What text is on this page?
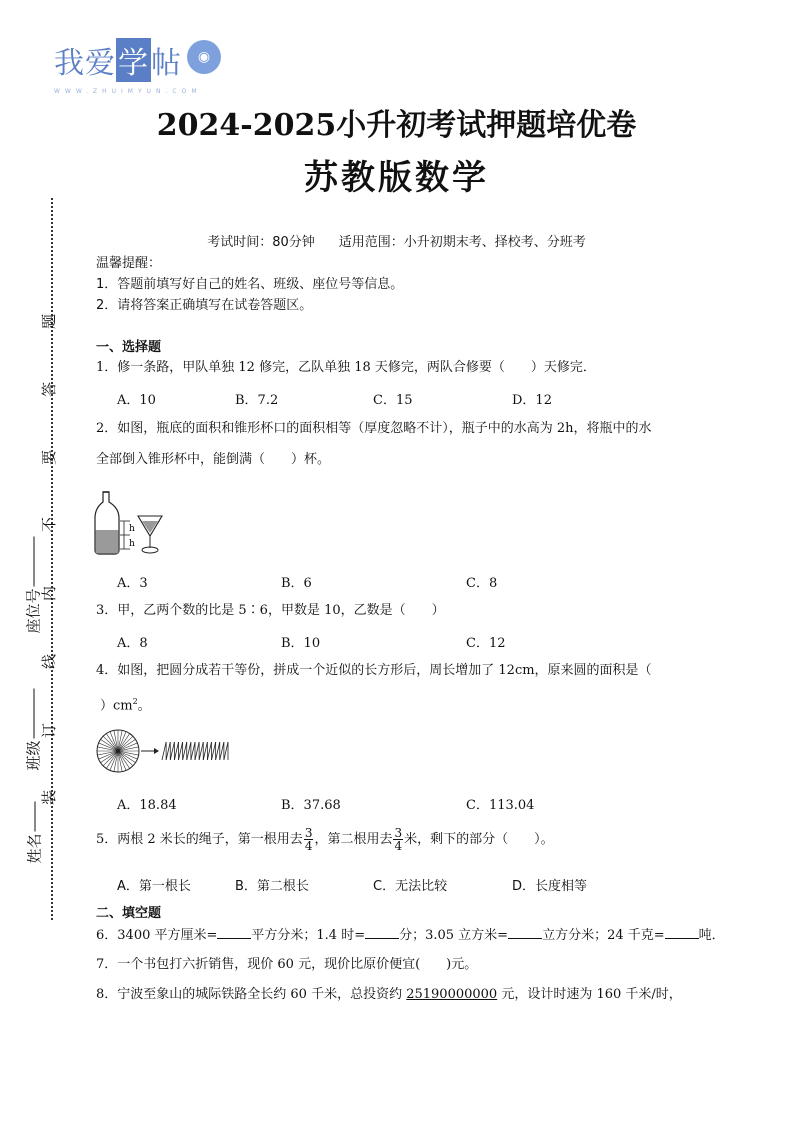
我爱学帖	◉
WWW.ZHUIMYUN.COM
2024-2025小升初考试押题培优卷
苏教版数学
姓名
班级
座位号
装
订
线
内
不
要
答
题
考试时间：80分钟 适用范围：小升初期末考、择校考、分班考
温馨提醒：
1．答题前填写好自己的姓名、班级、座位号等信息。
2．请将答案正确填写在试卷答题区。
一、选择题
1．修一条路，甲队单独 12 修完，乙队单独 18 天修完，两队合修要（　　）天修完．
A．10	B．7.2	C．15	D．12
2．如图，瓶底的面积和锥形杯口的面积相等（厚度忽略不计），瓶子中的水高为 2h，将瓶中的水
全部倒入锥形杯中，能倒满（　　）杯。
h
h
A．3	B．6	C．8
3．甲，乙两个数的比是 5∶6，甲数是 10，乙数是（　　）
A．8	B．10	C．12
4．如图，把圆分成若干等份，拼成一个近似的长方形后，周长增加了 12cm，原来圆的面积是（
）$cm^2$。
A．18.84	B．37.68	C．113.04
5．两根 2 米长的绳子，第一根用去 $\frac{3}{4}$ ，第二根用去 $\frac{3}{4}$ 米，剩下的部分（　　）。
A．第一根长	B．第二根长	C．无法比较	D．长度相等
二、填空题
6．3400 平方厘米=	平方分米；1.4 时=	分；3.05 立方米=	立方分米；24 千克=	吨．
7．一个书包打六折销售，现价 60 元，现价比原价便宜(　　)元。
8．宁波至象山的城际铁路全长约 60 千米，总投资约 25190000000 元，设计时速为 160 千米/时，
